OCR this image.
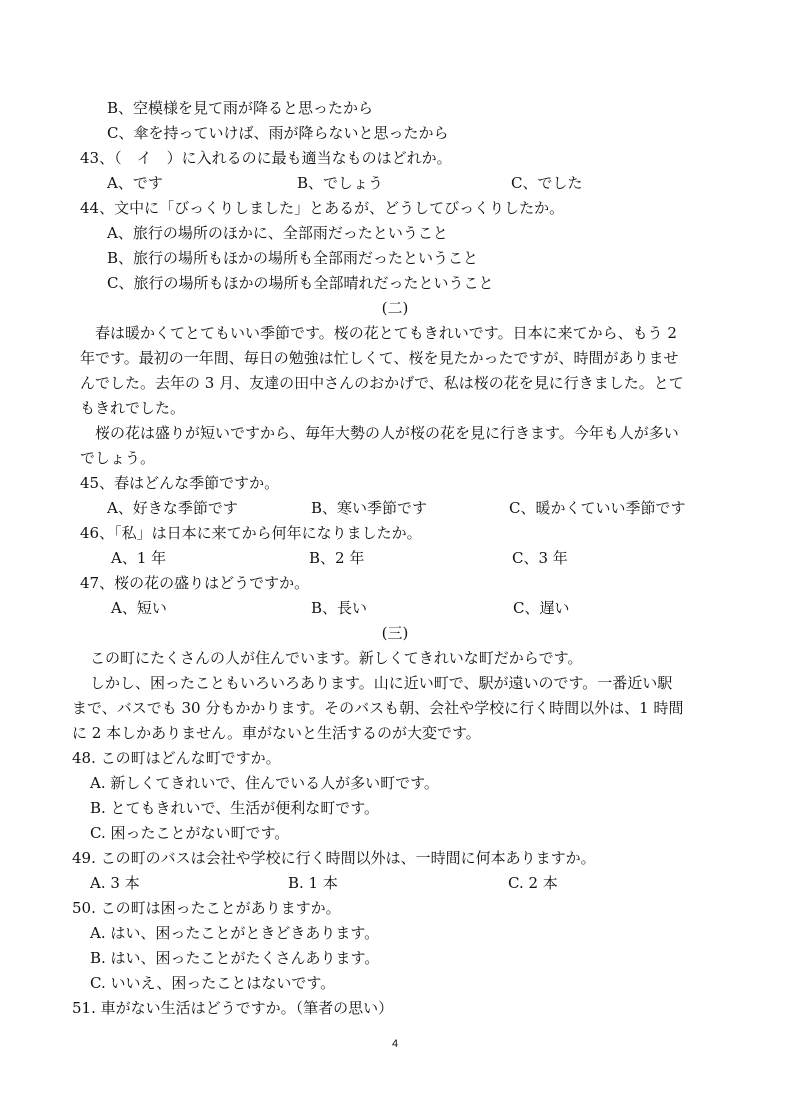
B、空模様を見て雨が降ると思ったから
C、傘を持っていけば、雨が降らないと思ったから
43、（　イ　）に入れるのに最も適当なものはどれか。
A、です	B、でしょう	C、でした
44、文中に「びっくりしました」とあるが、どうしてびっくりしたか。
A、旅行の場所のほかに、全部雨だったということ
B、旅行の場所もほかの場所も全部雨だったということ
C、旅行の場所もほかの場所も全部晴れだったということ
(二)
春は暖かくてとてもいい季節です。桜の花とてもきれいです。日本に来てから、もう 2
年です。最初の一年間、毎日の勉強は忙しくて、桜を見たかったですが、時間がありませ
んでした。去年の 3 月、友達の田中さんのおかげで、私は桜の花を見に行きました。とて
もきれでした。
桜の花は盛りが短いですから、毎年大勢の人が桜の花を見に行きます。今年も人が多い
でしょう。
45、春はどんな季節ですか。
A、好きな季節です	B、寒い季節です	C、暖かくていい季節です
46、「私」は日本に来てから何年になりましたか。
A、1 年	B、2 年	C、3 年
47、桜の花の盛りはどうですか。
A、短い	B、長い	C、遅い
(三)
この町にたくさんの人が住んでいます。新しくてきれいな町だからです。
しかし、困ったこともいろいろあります。山に近い町で、駅が遠いのです。一番近い駅
まで、バスでも 30 分もかかります。そのバスも朝、会社や学校に行く時間以外は、1 時間
に 2 本しかありません。車がないと生活するのが大変です。
48. この町はどんな町ですか。
A. 新しくてきれいで、住んでいる人が多い町です。
B. とてもきれいで、生活が便利な町です。
C. 困ったことがない町です。
49. この町のバスは会社や学校に行く時間以外は、一時間に何本ありますか。
A. 3 本	B. 1 本	C. 2 本
50. この町は困ったことがありますか。
A. はい、困ったことがときどきあります。
B. はい、困ったことがたくさんあります。
C. いいえ、困ったことはないです。
51. 車がない生活はどうですか。（筆者の思い）
4
